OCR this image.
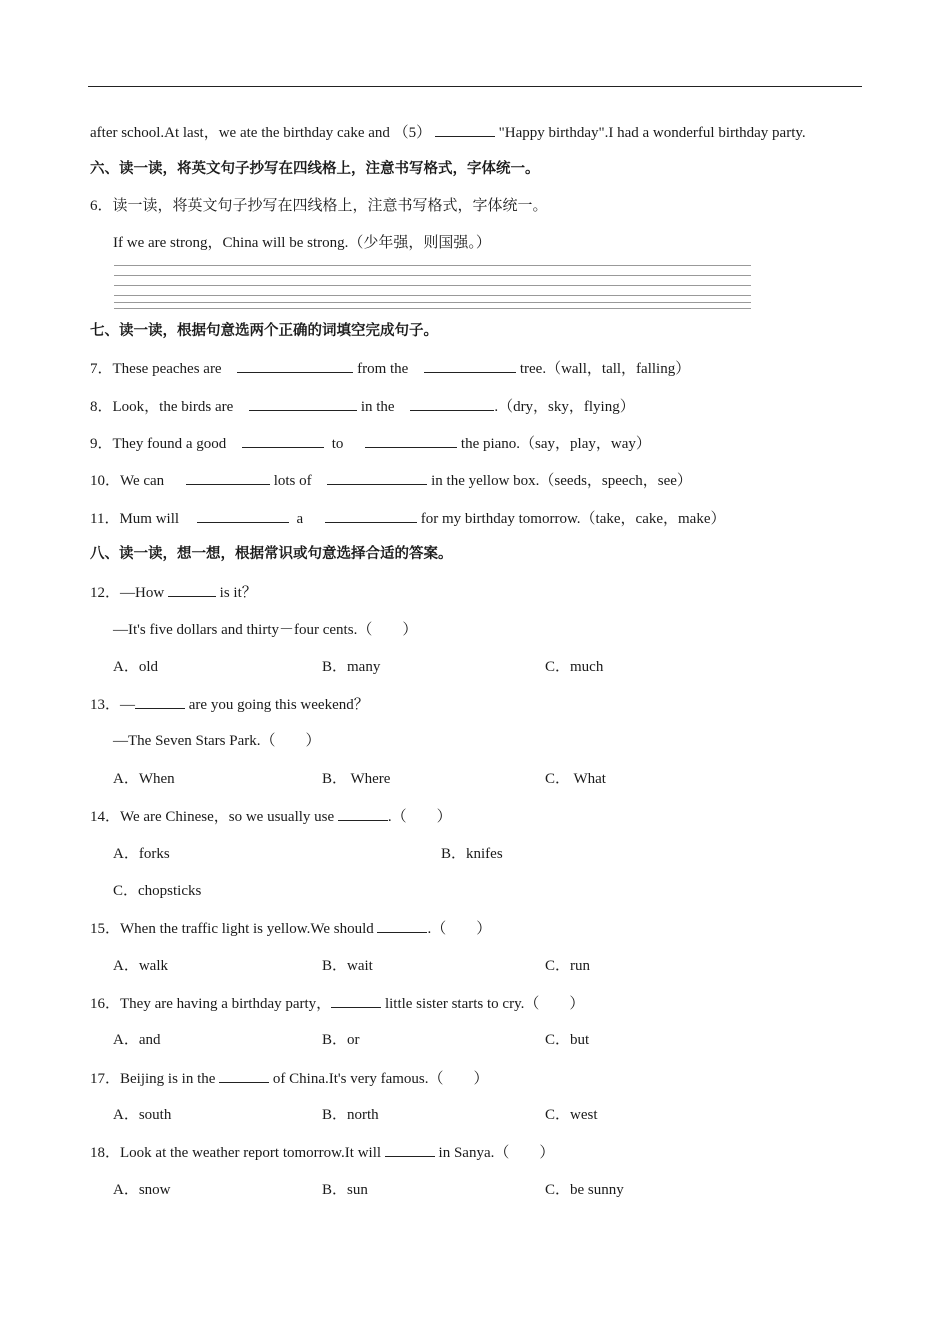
after school.At last，we ate the birthday cake and （5）	"Happy birthday".I had a wonderful birthday party.
六、读一读，将英文句子抄写在四线格上，注意书写格式，字体统一。
6．读一读，将英文句子抄写在四线格上，注意书写格式，字体统一。
If we are strong，China will be strong.（少年强，则国强。）
七、读一读，根据句意选两个正确的词填空完成句子。
7．These peaches are	from the	tree.（wall，tall，falling）
8．Look，the birds are	in the	.（dry，sky，flying）
9．They found a good	to	the piano.（say，play，way）
10．We can	lots of	in the yellow box.（seeds，speech，see）
11．Mum will	a	for my birthday tomorrow.（take，cake，make）
八、读一读，想一想，根据常识或句意选择合适的答案。
12．—How	is it？
—It's five dollars and thirty－four cents.（　　）
A．old	B．many	C．much
13．—	are you going this weekend？
—The Seven Stars Park.（　　）
A．When	B． Where	C． What
14．We are Chinese，so we usually use	.（　　）
A．forks	B．knifes
C．chopsticks
15．When the traffic light is yellow.We should	.（　　）
A．walk	B．wait	C．run
16．They are having a birthday party，	little sister starts to cry.（　　）
A．and	B．or	C．but
17．Beijing is in the	of China.It's very famous.（　　）
A．south	B．north	C．west
18．Look at the weather report tomorrow.It will	in Sanya.（　　）
A．snow	B．sun	C．be sunny
